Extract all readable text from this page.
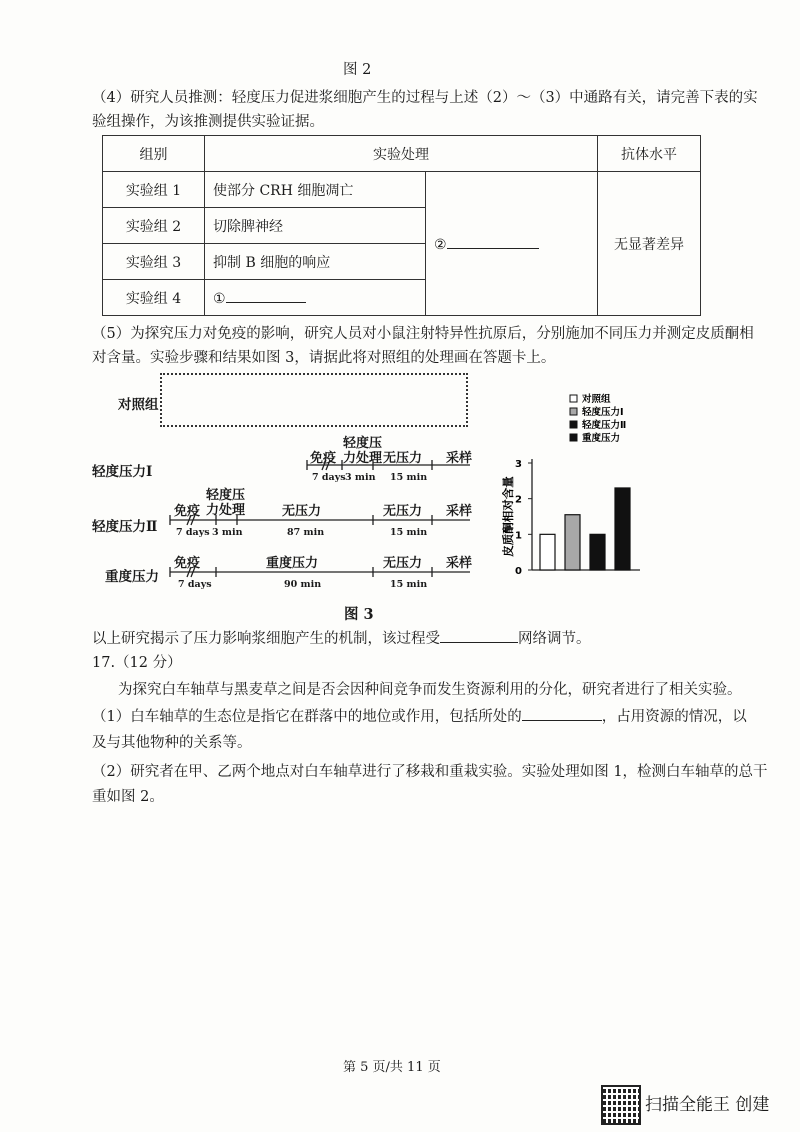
图 2
（4）研究人员推测：轻度压力促进浆细胞产生的过程与上述（2）～（3）中通路有关，请完善下表的实
验组操作，为该推测提供实验证据。
组别	实验处理		抗体水平
实验组 1	使部分 CRH 细胞凋亡	②	无显著差异
实验组 2	切除脾神经		
实验组 3	抑制 B 细胞的响应		
实验组 4	①		
（5）为探究压力对免疫的影响，研究人员对小鼠注射特异性抗原后，分别施加不同压力并测定皮质酮相
对含量。实验步骤和结果如图 3，请据此将对照组的处理画在答题卡上。
对照组
轻度压力Ⅰ
轻度压力Ⅱ
重度压力
免疫
轻度压
力处理 无压力 采样
7 days 3 min 15 min
免疫
轻度压
力处理	无压力	无压力 采样
7 days 3 min	87 min	15 min
免疫	重度压力	无压力 采样
7 days	90 min	15 min
0
1
2
3
皮质酮相对含量
对照组
轻度压力Ⅰ
轻度压力Ⅱ
重度压力
图 3
以上研究揭示了压力影响浆细胞产生的机制，该过程受	网络调节。
17.（12 分）
为探究白车轴草与黑麦草之间是否会因种间竞争而发生资源利用的分化，研究者进行了相关实验。
（1）白车轴草的生态位是指它在群落中的地位或作用，包括所处的	，占用资源的情况，以
及与其他物种的关系等。
（2）研究者在甲、乙两个地点对白车轴草进行了移栽和重栽实验。实验处理如图 1，检测白车轴草的总干
重如图 2。
第 5 页/共 11 页
扫描全能王 创建
